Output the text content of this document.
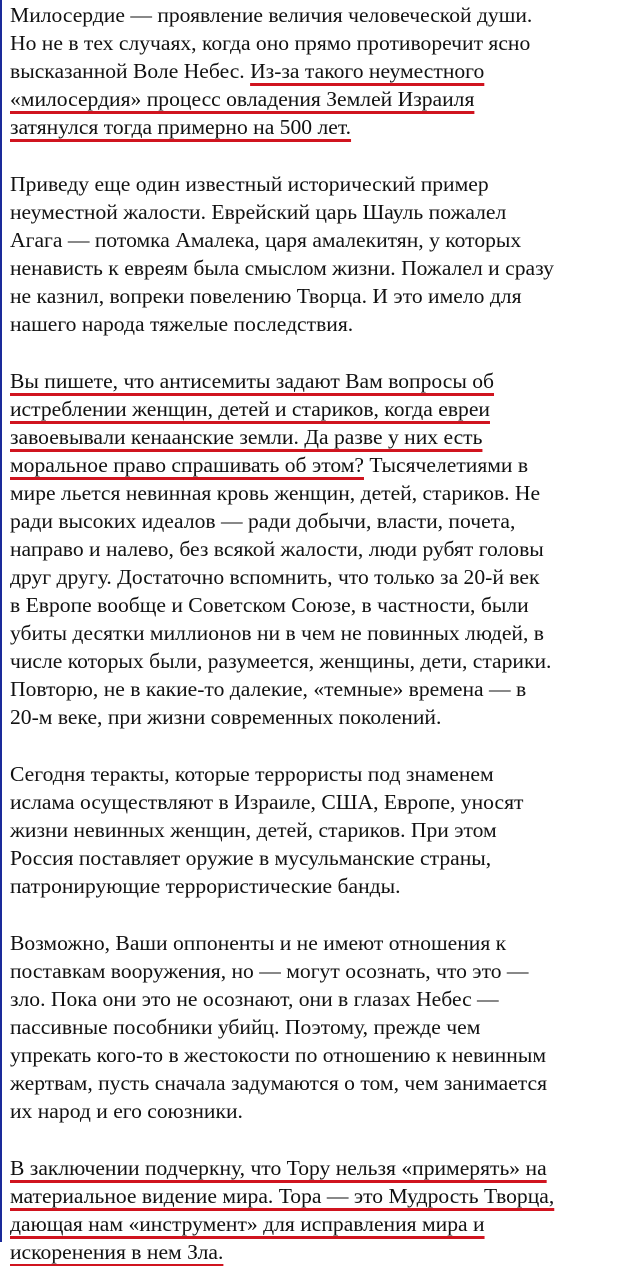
Милосердие — проявление величия человеческой души.
Но не в тех случаях, когда оно прямо противоречит ясно
высказанной Воле Небес. Из-за такого неуместного
«милосердия» процесс овладения Землей Израиля
затянулся тогда примерно на 500 лет.

Приведу еще один известный исторический пример
неуместной жалости. Еврейский царь Шауль пожалел
Агага — потомка Амалека, царя амалекитян, у которых
ненависть к евреям была смыслом жизни. Пожалел и сразу
не казнил, вопреки повелению Творца. И это имело для
нашего народа тяжелые последствия.

Вы пишете, что антисемиты задают Вам вопросы об
истреблении женщин, детей и стариков, когда евреи
завоевывали кенаанские земли. Да разве у них есть
моральное право спрашивать об этом? Тысячелетиями в
мире льется невинная кровь женщин, детей, стариков. Не
ради высоких идеалов — ради добычи, власти, почета,
направо и налево, без всякой жалости, люди рубят головы
друг другу. Достаточно вспомнить, что только за 20-й век
в Европе вообще и Советском Союзе, в частности, были
убиты десятки миллионов ни в чем не повинных людей, в
числе которых были, разумеется, женщины, дети, старики.
Повторю, не в какие-то далекие, «темные» времена — в
20-м веке, при жизни современных поколений.

Сегодня теракты, которые террористы под знаменем
ислама осуществляют в Израиле, США, Европе, уносят
жизни невинных женщин, детей, стариков. При этом
Россия поставляет оружие в мусульманские страны,
патронирующие террористические банды.

Возможно, Ваши оппоненты и не имеют отношения к
поставкам вооружения, но — могут осознать, что это —
зло. Пока они это не осознают, они в глазах Небес —
пассивные пособники убийц. Поэтому, прежде чем
упрекать кого-то в жестокости по отношению к невинным
жертвам, пусть сначала задумаются о том, чем занимается
их народ и его союзники.

В заключении подчеркну, что Тору нельзя «примерять» на
материальное видение мира. Тора — это Мудрость Творца,
дающая нам «инструмент» для исправления мира и
искоренения в нем Зла.
